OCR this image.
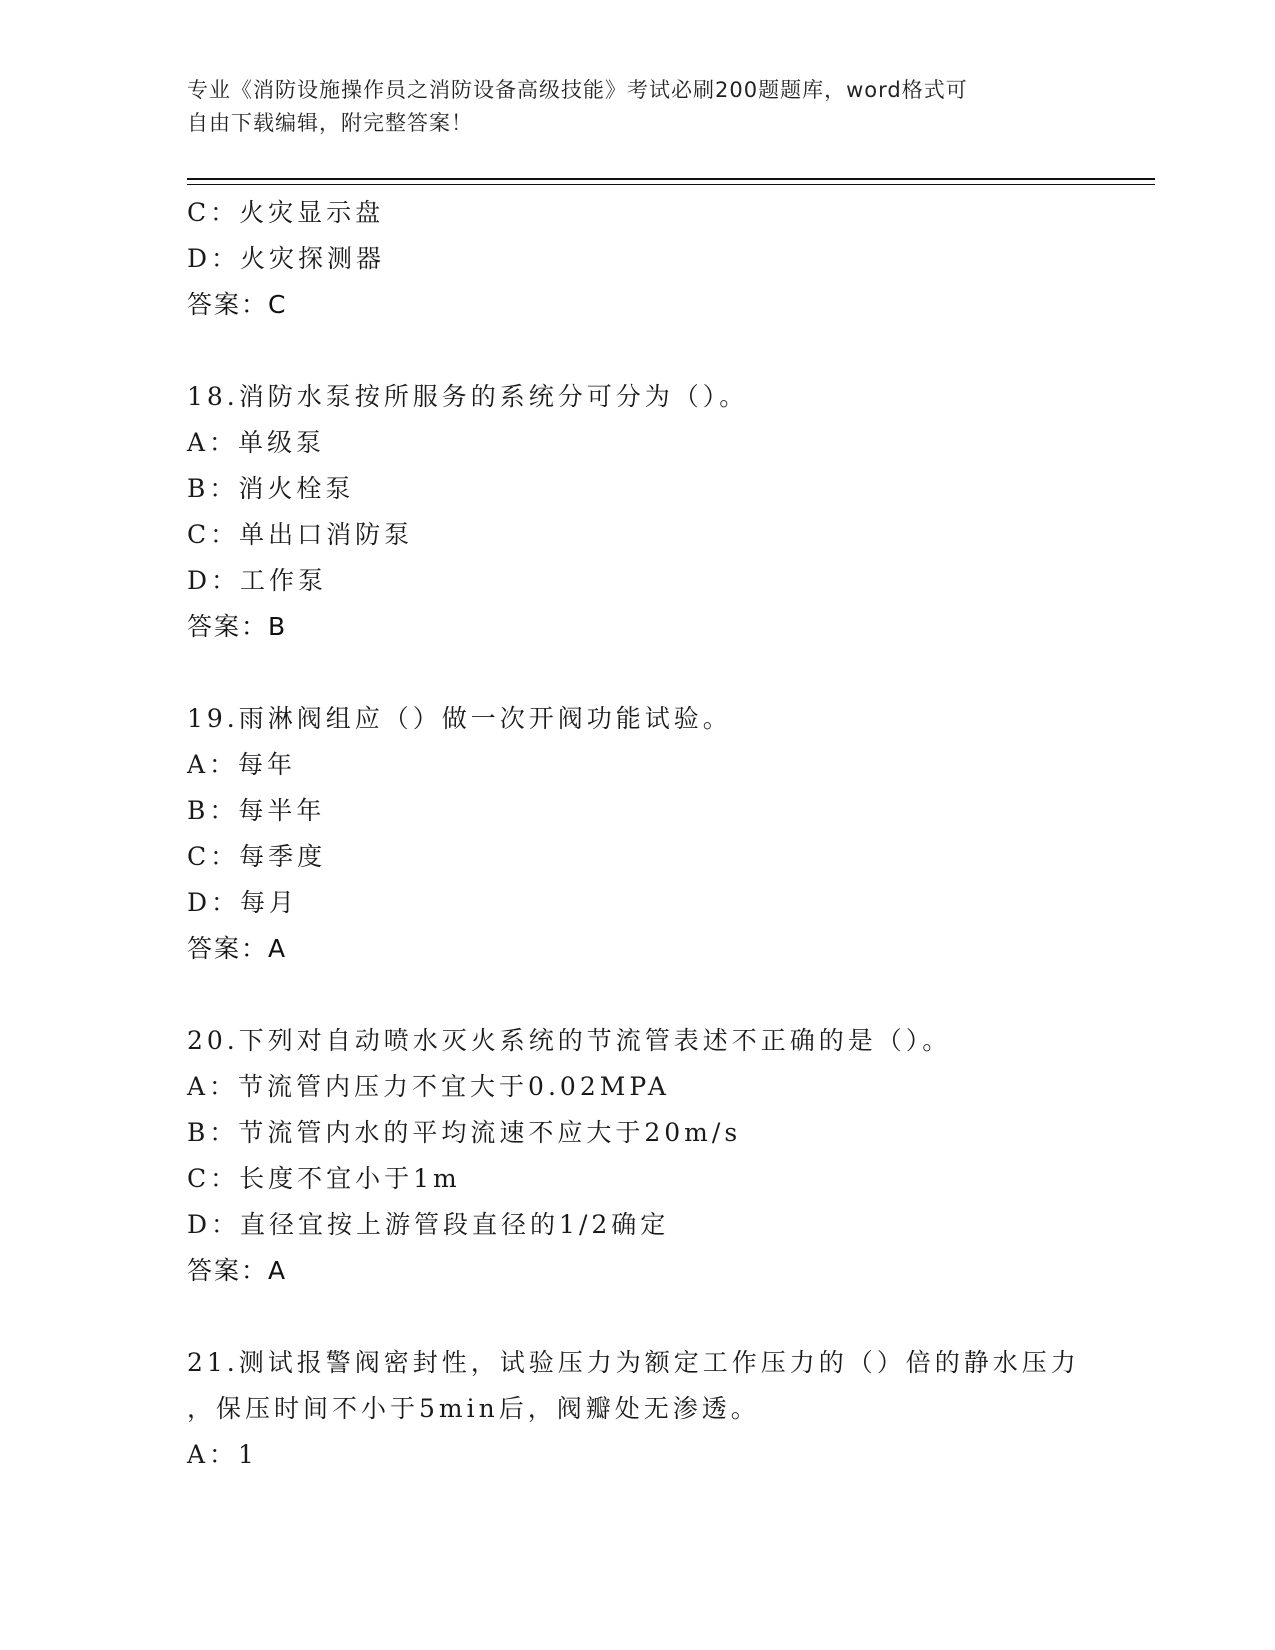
专业《消防设施操作员之消防设备高级技能》考试必刷200题题库，word格式可
自由下载编辑，附完整答案！
C：火灾显示盘
D：火灾探测器
答案：C
18.消防水泵按所服务的系统分可分为（）。
A：单级泵
B：消火栓泵
C：单出口消防泵
D：工作泵
答案：B
19.雨淋阀组应（）做一次开阀功能试验。
A：每年
B：每半年
C：每季度
D：每月
答案：A
20.下列对自动喷水灭火系统的节流管表述不正确的是（）。
A：节流管内压力不宜大于0.02MPA
B：节流管内水的平均流速不应大于20m/s
C：长度不宜小于1m
D：直径宜按上游管段直径的1/2确定
答案：A
21.测试报警阀密封性，试验压力为额定工作压力的（）倍的静水压力
，保压时间不小于5min后，阀瓣处无渗透。
A：1
